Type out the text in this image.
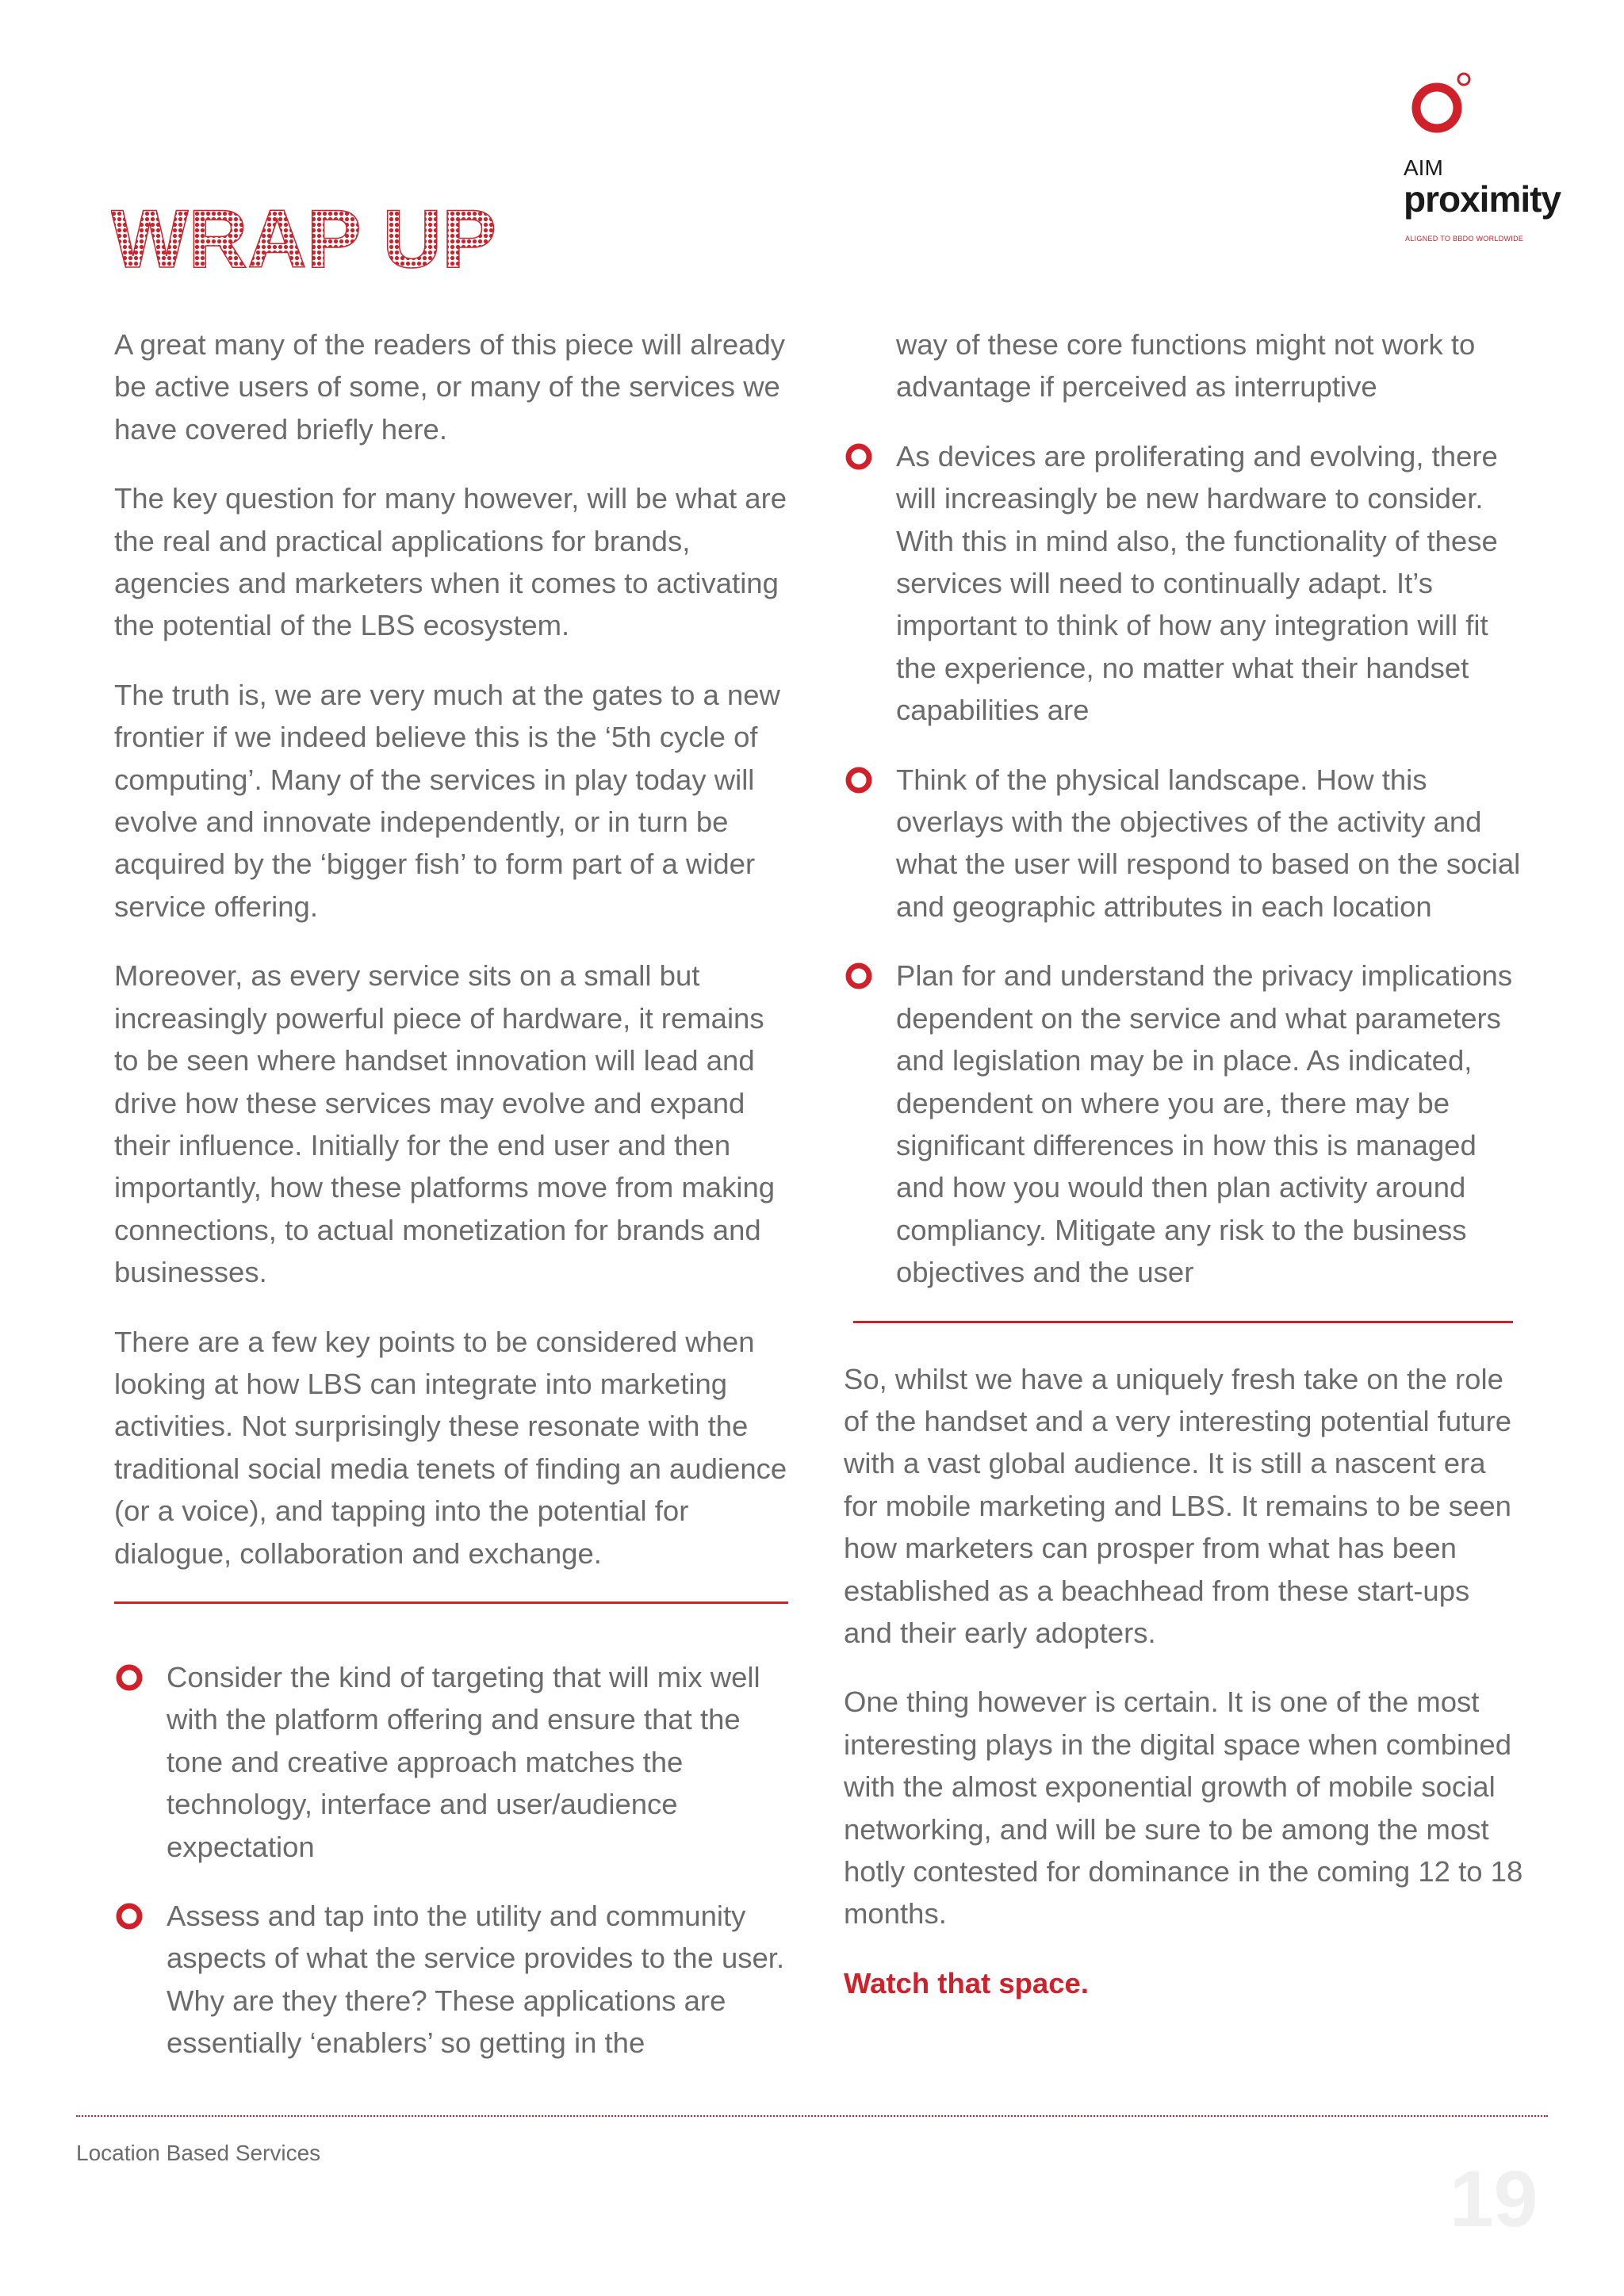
AIM
proximity
ALIGNED TO BBDO WORLDWIDE
WRAP UP

A great many of the readers of this piece will already be active users of some, or many of the services we have covered briefly here.

The key question for many however, will be what are the real and practical applications for brands, agencies and marketers when it comes to activating the potential of the LBS ecosystem.

The truth is, we are very much at the gates to a new frontier if we indeed believe this is the ‘5th cycle of computing’. Many of the services in play today will evolve and innovate independently, or in turn be acquired by the ‘bigger fish’ to form part of a wider service offering.

Moreover, as every service sits on a small but increasingly powerful piece of hardware, it remains to be seen where handset innovation will lead and drive how these services may evolve and expand their influence. Initially for the end user and then importantly, how these platforms move from making connections, to actual monetization for brands and businesses.

There are a few key points to be considered when looking at how LBS can integrate into marketing activities. Not surprisingly these resonate with the traditional social media tenets of finding an audience (or a voice), and tapping into the potential for dialogue, collaboration and exchange.

Consider the kind of targeting that will mix well with the platform offering and ensure that the tone and creative approach matches the technology, interface and user/audience expectation
Assess and tap into the utility and community aspects of what the service provides to the user. Why are they there? These applications are essentially ‘enablers’ so getting in the
way of these core functions might not work to advantage if perceived as interruptive
As devices are proliferating and evolving, there will increasingly be new hardware to consider. With this in mind also, the functionality of these services will need to continually adapt. It’s important to think of how any integration will fit the experience, no matter what their handset capabilities are
Think of the physical landscape. How this overlays with the objectives of the activity and what the user will respond to based on the social and geographic attributes in each location
Plan for and understand the privacy implications dependent on the service and what parameters and legislation may be in place. As indicated, dependent on where you are, there may be significant differences in how this is managed and how you would then plan activity around compliancy. Mitigate any risk to the business objectives and the user

So, whilst we have a uniquely fresh take on the role of the handset and a very interesting potential future with a vast global audience. It is still a nascent era for mobile marketing and LBS. It remains to be seen how marketers can prosper from what has been established as a beachhead from these start-ups and their early adopters.

One thing however is certain. It is one of the most interesting plays in the digital space when combined with the almost exponential growth of mobile social networking, and will be sure to be among the most hotly contested for dominance in the coming 12 to 18 months.

Watch that space.

Location Based Services
19
